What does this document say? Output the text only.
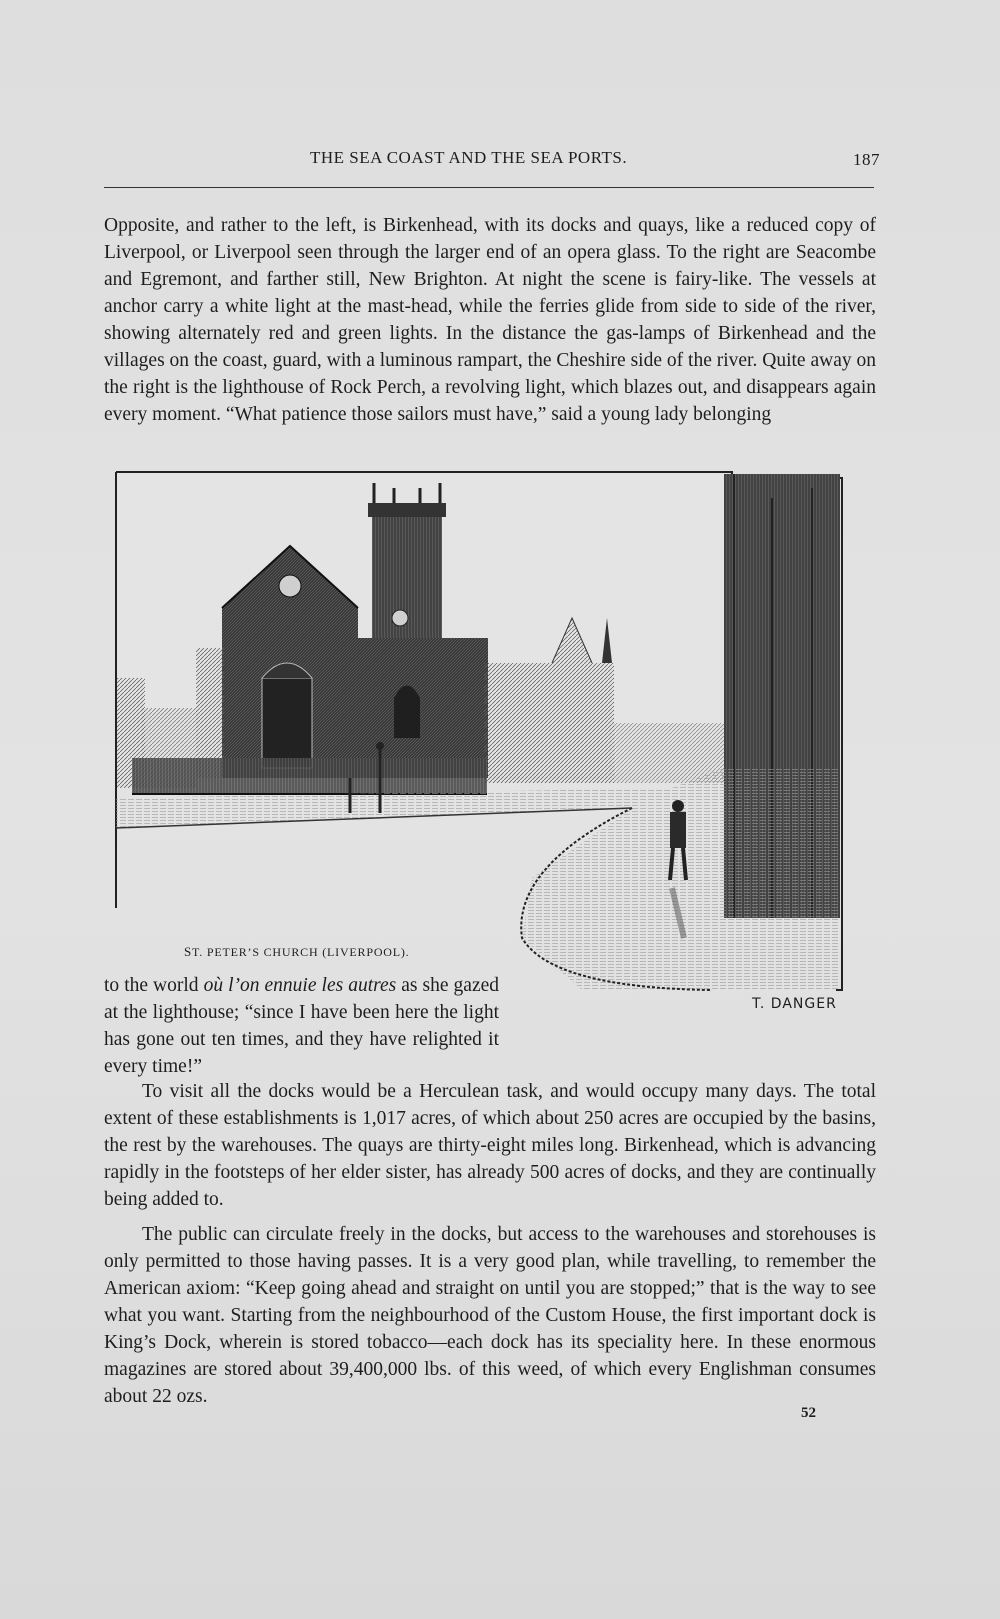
THE SEA COAST AND THE SEA PORTS.	187

Opposite, and rather to the left, is Birkenhead, with its docks and quays, like a reduced copy of Liverpool, or Liverpool seen through the larger end of an opera glass. To the right are Seacombe and Egremont, and farther still, New Brighton. At night the scene is fairy-like. The vessels at anchor carry a white light at the mast-head, while the ferries glide from side to side of the river, showing alternately red and green lights. In the distance the gas-lamps of Birkenhead and the villages on the coast, guard, with a luminous rampart, the Cheshire side of the river. Quite away on the right is the lighthouse of Rock Perch, a revolving light, which blazes out, and disappears again every moment. “What patience those sailors must have,” said a young lady belonging

ST. PETER’S CHURCH (LIVERPOOL).
T. DANGER

to the world où l’on ennuie les autres as she gazed at the lighthouse; “since I have been here the light has gone out ten times, and they have relighted it every time!”

To visit all the docks would be a Herculean task, and would occupy many days. The total extent of these establishments is 1,017 acres, of which about 250 acres are occupied by the basins, the rest by the warehouses. The quays are thirty-eight miles long. Birkenhead, which is advancing rapidly in the footsteps of her elder sister, has already 500 acres of docks, and they are continually being added to.

The public can circulate freely in the docks, but access to the warehouses and storehouses is only permitted to those having passes. It is a very good plan, while travelling, to remember the American axiom: “Keep going ahead and straight on until you are stopped;” that is the way to see what you want. Starting from the neighbourhood of the Custom House, the first important dock is King’s Dock, wherein is stored tobacco—each dock has its speciality here. In these enormous magazines are stored about 39,400,000 lbs. of this weed, of which every Englishman consumes about 22 ozs.

52
